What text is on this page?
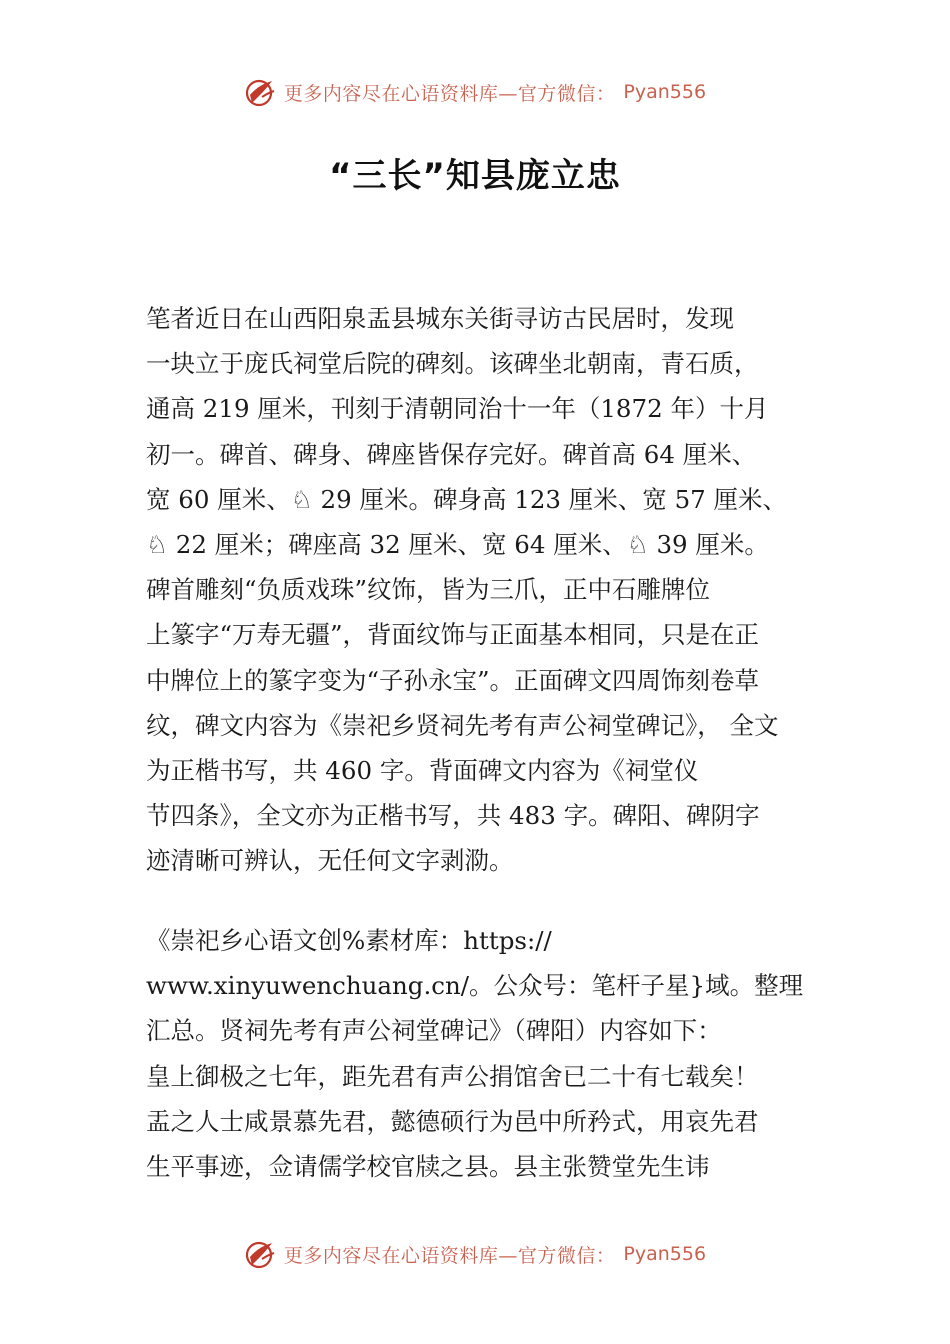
更多内容尽在心语资料库—官方微信： Pyan556
“三长”知县庞立忠
笔者近日在山西阳泉盂县城东关街寻访古民居时，发现
一块立于庞氏祠堂后院的碑刻。该碑坐北朝南，青石质，
通高 219 厘米，刊刻于清朝同治十一年（1872 年）十月
初一。碑首、碑身、碑座皆保存完好。碑首高 64 厘米、
宽 60 厘米、♘ 29 厘米。碑身高 123 厘米、宽 57 厘米、
♘ 22 厘米；碑座高 32 厘米、宽 64 厘米、♘ 39 厘米。
碑首雕刻“负质戏珠”纹饰，皆为三爪，正中石雕牌位
上篆字“万寿无疆”，背面纹饰与正面基本相同，只是在正
中牌位上的篆字变为“子孙永宝”。正面碑文四周饰刻卷草
纹，碑文内容为《崇祀乡贤祠先考有声公祠堂碑记》， 全文
为正楷书写，共 460 字。背面碑文内容为《祠堂仪
节四条》，全文亦为正楷书写，共 483 字。碑阳、碑阴字
迹清晰可辨认，无任何文字剥泐。
《崇祀乡心语文创%素材库：https://
www.xinyuwenchuang.cn/。公众号：笔杆子星}域。整理
汇总。贤祠先考有声公祠堂碑记》（碑阳）内容如下：
皇上御极之七年，距先君有声公捐馆舍已二十有七载矣！
盂之人士咸景慕先君，懿德硕行为邑中所矜式，用哀先君
生平事迹，佥请儒学校官牍之县。县主张赞堂先生讳
更多内容尽在心语资料库—官方微信： Pyan556
